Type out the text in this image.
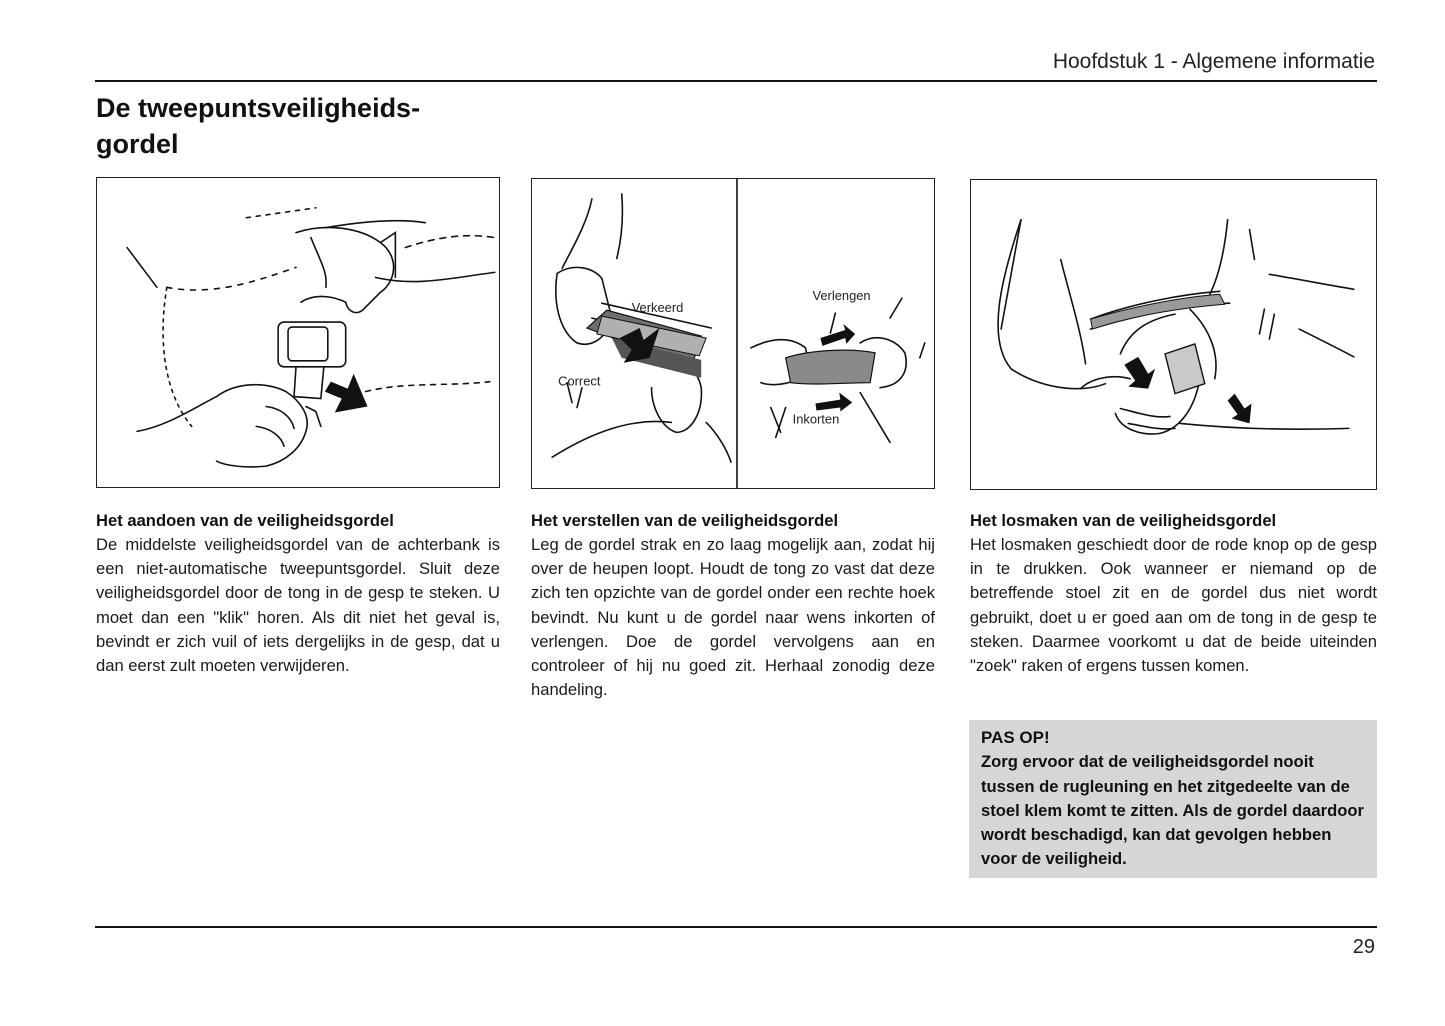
Hoofdstuk 1 - Algemene informatie
De tweepuntsveiligheids-
gordel
Verkeerd
Correct
Verlengen
Inkorten
Het aandoen van de veiligheidsgordel

De middelste veiligheidsgordel van de achterbank is een niet-automatische tweepuntsgordel. Sluit deze veiligheidsgordel door de tong in de gesp te steken. U moet dan een "klik" horen. Als dit niet het geval is, bevindt er zich vuil of iets dergelijks in de gesp, dat u dan eerst zult moeten verwijderen.

Het verstellen van de veiligheidsgordel

Leg de gordel strak en zo laag mogelijk aan, zodat hij over de heupen loopt. Houdt de tong zo vast dat deze zich ten opzichte van de gordel onder een rechte hoek bevindt. Nu kunt u de gordel naar wens inkorten of verlengen. Doe de gordel vervolgens aan en controleer of hij nu goed zit. Herhaal zonodig deze handeling.

Het losmaken van de veiligheidsgordel

Het losmaken geschiedt door de rode knop op de gesp in te drukken. Ook wanneer er niemand op de betreffende stoel zit en de gordel dus niet wordt gebruikt, doet u er goed aan om de tong in de gesp te steken. Daarmee voorkomt u dat de beide uiteinden "zoek" raken of ergens tussen komen.

PAS OP!
Zorg ervoor dat de veiligheidsgordel nooit tussen de rugleuning en het zitgedeelte van de stoel klem komt te zitten. Als de gordel daardoor wordt beschadigd, kan dat gevolgen hebben voor de veiligheid.
29
